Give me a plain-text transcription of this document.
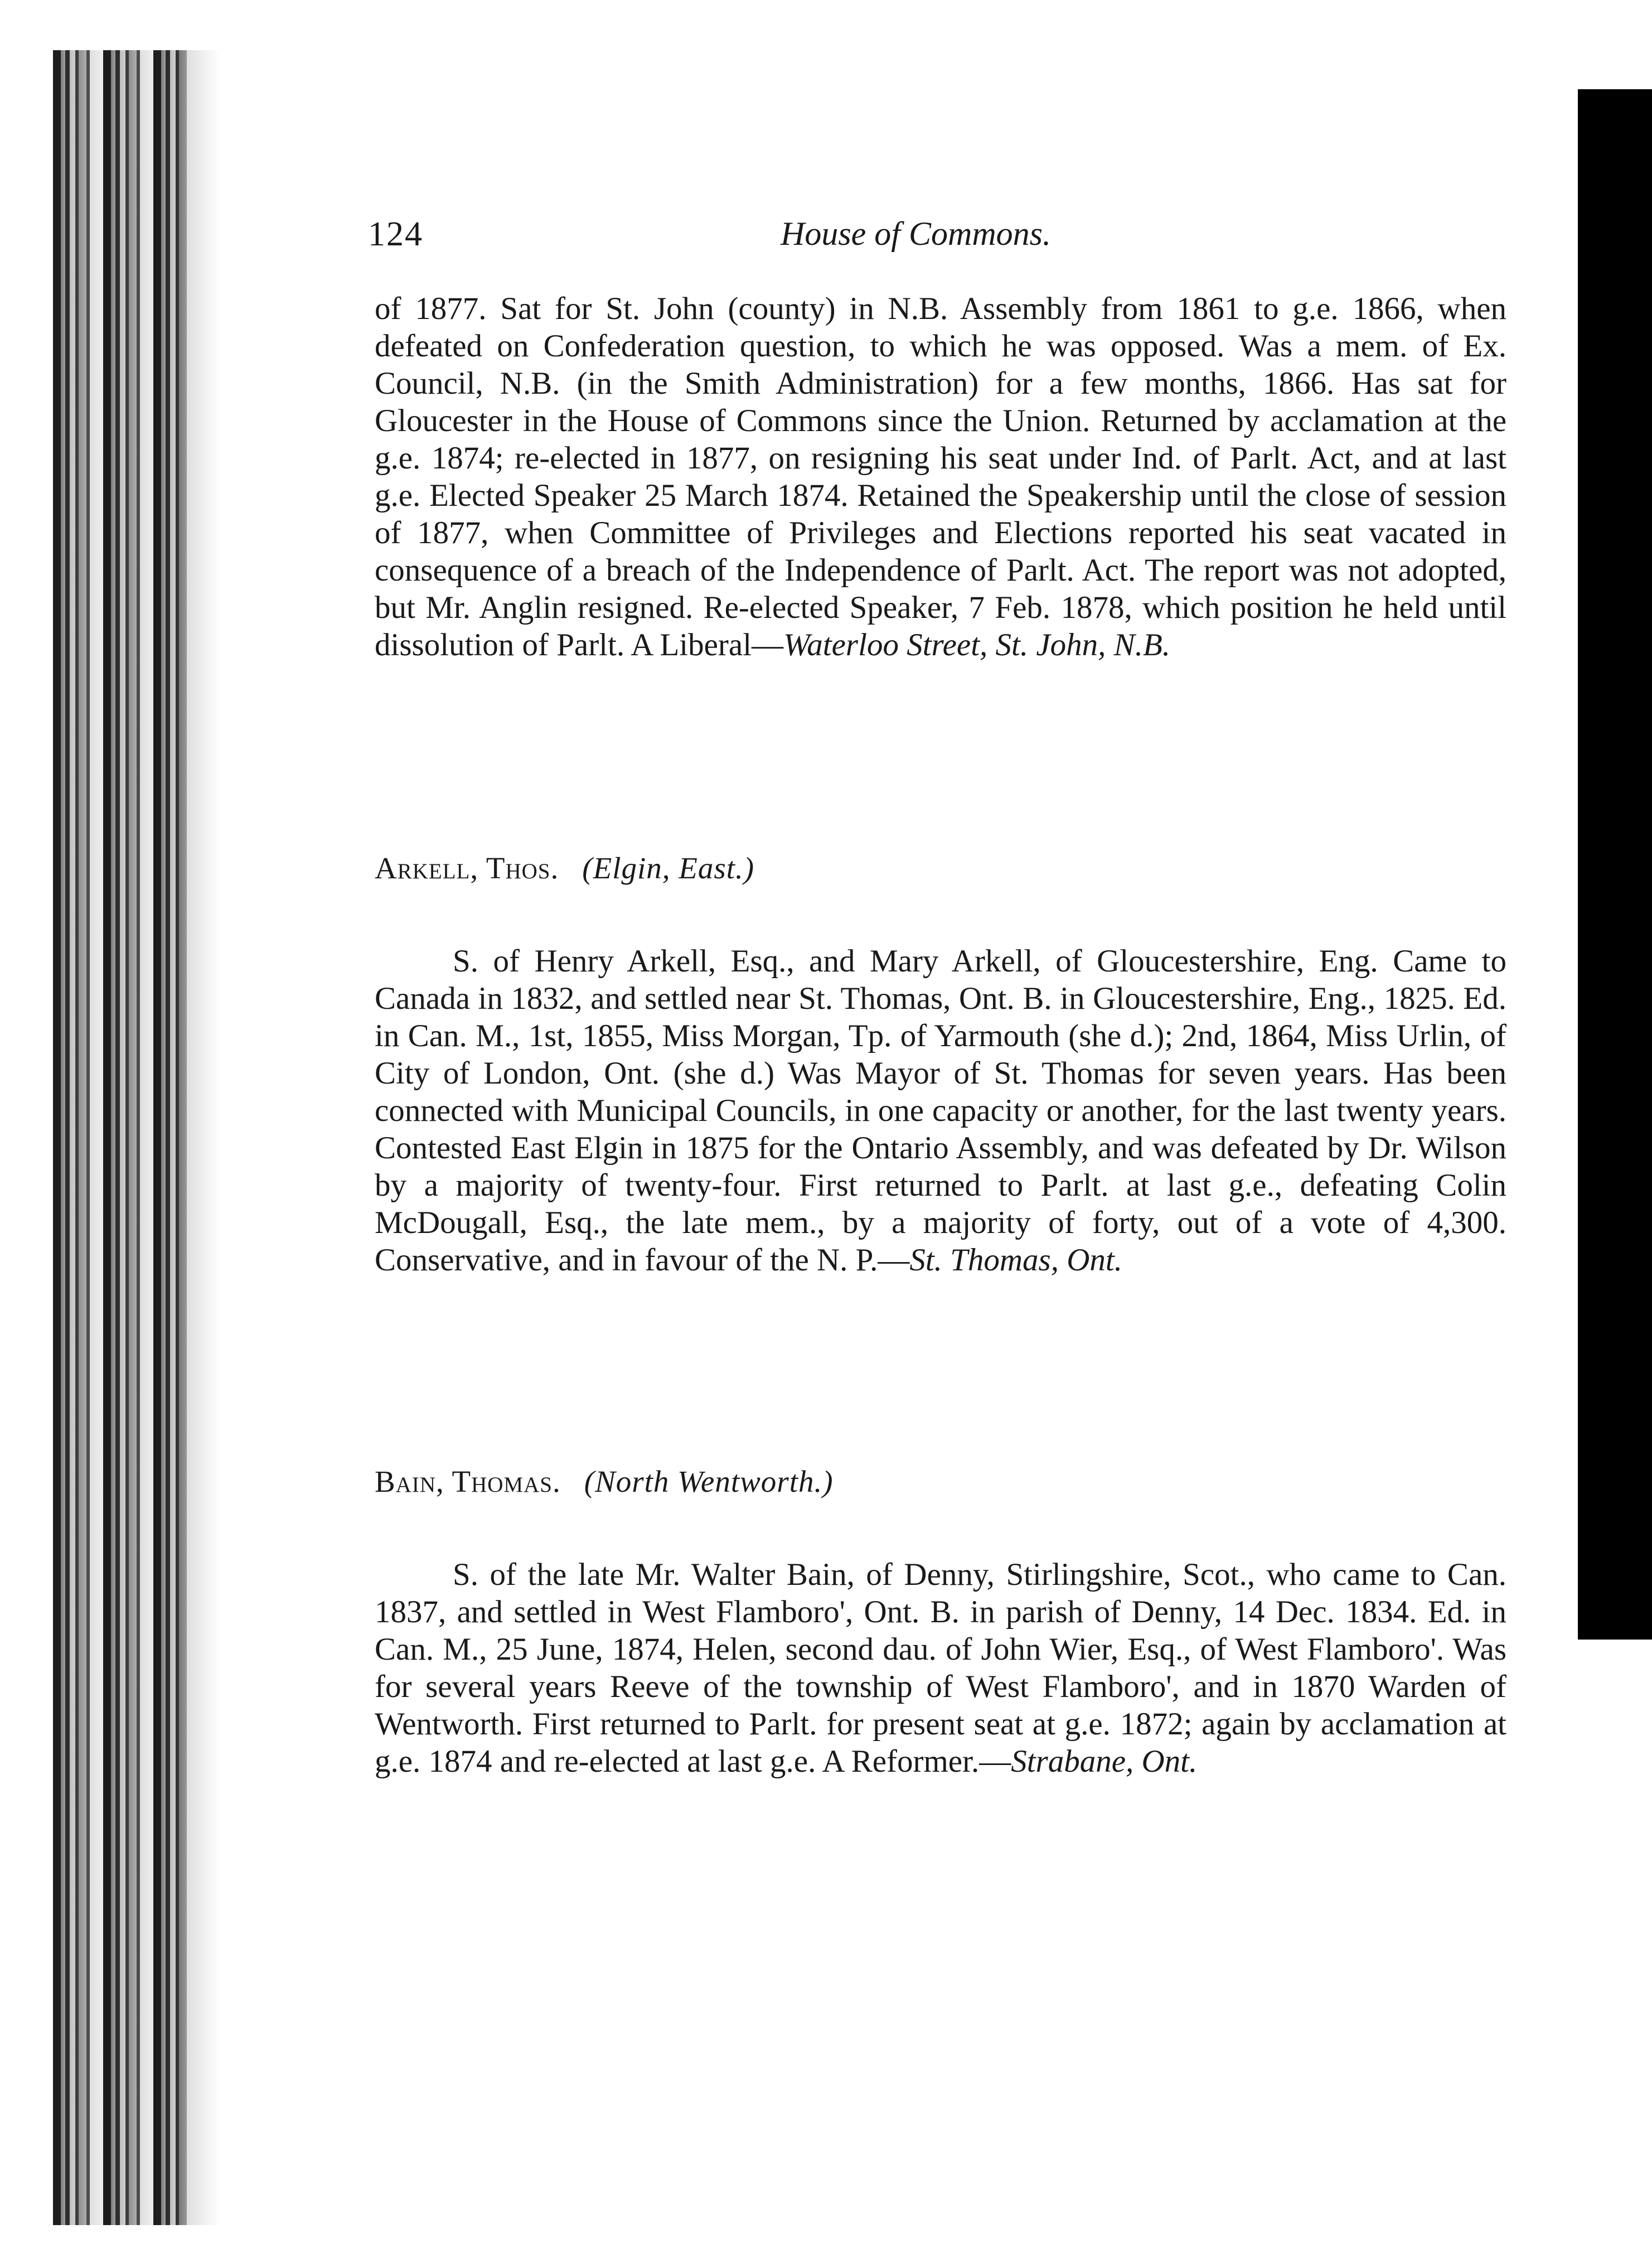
124	House of Commons.

of 1877. Sat for St. John (county) in N.B. Assembly from 1861 to g.e. 1866, when defeated on Confederation question, to which he was opposed. Was a mem. of Ex. Council, N.B. (in the Smith Administration) for a few months, 1866. Has sat for Gloucester in the House of Commons since the Union. Returned by acclamation at the g.e. 1874; re-elected in 1877, on resigning his seat under Ind. of Parlt. Act, and at last g.e. Elected Speaker 25 March 1874. Retained the Speakership until the close of session of 1877, when Committee of Privileges and Elections reported his seat vacated in consequence of a breach of the Independence of Parlt. Act. The report was not adopted, but Mr. Anglin resigned. Re-elected Speaker, 7 Feb. 1878, which position he held until dissolution of Parlt. A Liberal—Waterloo Street, St. John, N.B.

Arkell, Thos. (Elgin, East.)

S. of Henry Arkell, Esq., and Mary Arkell, of Gloucestershire, Eng. Came to Canada in 1832, and settled near St. Thomas, Ont. B. in Gloucestershire, Eng., 1825. Ed. in Can. M., 1st, 1855, Miss Morgan, Tp. of Yarmouth (she d.); 2nd, 1864, Miss Urlin, of City of London, Ont. (she d.) Was Mayor of St. Thomas for seven years. Has been connected with Municipal Councils, in one capacity or another, for the last twenty years. Contested East Elgin in 1875 for the Ontario Assembly, and was defeated by Dr. Wilson by a majority of twenty-four. First returned to Parlt. at last g.e., defeating Colin McDougall, Esq., the late mem., by a majority of forty, out of a vote of 4,300. Conservative, and in favour of the N. P.—St. Thomas, Ont.

Bain, Thomas. (North Wentworth.)

S. of the late Mr. Walter Bain, of Denny, Stirlingshire, Scot., who came to Can. 1837, and settled in West Flamboro', Ont. B. in parish of Denny, 14 Dec. 1834. Ed. in Can. M., 25 June, 1874, Helen, second dau. of John Wier, Esq., of West Flamboro'. Was for several years Reeve of the township of West Flamboro', and in 1870 Warden of Wentworth. First returned to Parlt. for present seat at g.e. 1872; again by acclamation at g.e. 1874 and re-elected at last g.e. A Reformer.—Strabane, Ont.
